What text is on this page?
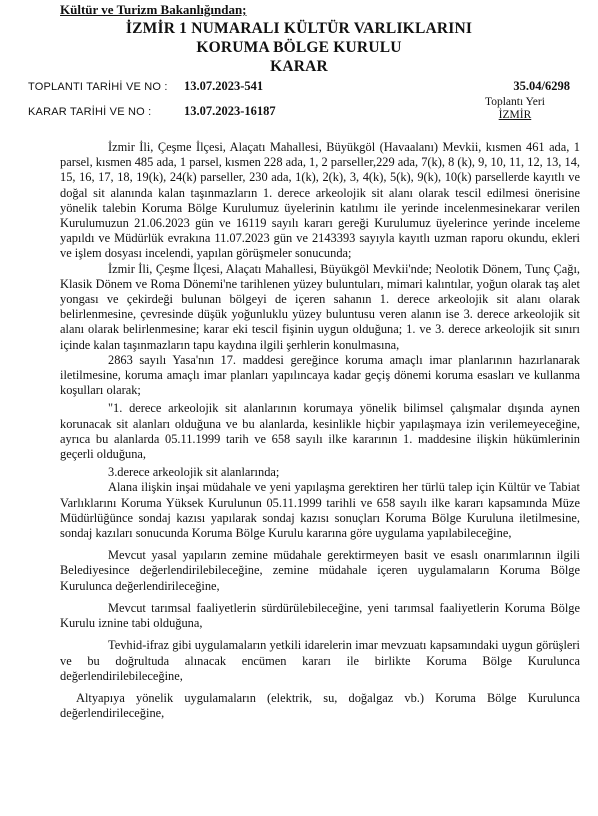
Kültür ve Turizm Bakanlığından;
İZMİR 1 NUMARALI KÜLTÜR VARLIKLARINI
KORUMA BÖLGE KURULU
KARAR
TOPLANTI TARİHİ VE NO : 13.07.2023-541	35.04/6298
KARAR TARİHİ VE NO :	13.07.2023-16187
Toplantı Yeri
İZMİR

İzmir İli, Çeşme İlçesi, Alaçatı Mahallesi, Büyükgöl (Havaalanı) Mevkii, kısmen 461 ada, 1 parsel, kısmen 485 ada, 1 parsel, kısmen 228 ada, 1, 2 parseller,229 ada, 7(k), 8 (k), 9, 10, 11, 12, 13, 14, 15, 16, 17, 18, 19(k), 24(k) parseller, 230 ada, 1(k), 2(k), 3, 4(k), 5(k), 9(k), 10(k) parsellerde kayıtlı ve doğal sit alanında kalan taşınmazların 1. derece arkeolojik sit alanı olarak tescil edilmesi önerisine yönelik talebin Koruma Bölge Kurulumuz üyelerinin katılımı ile yerinde incelenmesinekarar verilen Kurulumuzun 21.06.2023 gün ve 16119 sayılı kararı gereği Kurulumuz üyelerince yerinde inceleme yapıldı ve Müdürlük evrakına 11.07.2023 gün ve 2143393 sayıyla kayıtlı uzman raporu okundu, ekleri ve işlem dosyası incelendi, yapılan görüşmeler sonucunda;

İzmir İli, Çeşme İlçesi, Alaçatı Mahallesi, Büyükgöl Mevkii'nde; Neolotik Dönem, Tunç Çağı, Klasik Dönem ve Roma Dönemi'ne tarihlenen yüzey buluntuları, mimari kalıntılar, yoğun olarak taş alet yongası ve çekirdeği bulunan bölgeyi de içeren sahanın 1. derece arkeolojik sit alanı olarak belirlenmesine, çevresinde düşük yoğunluklu yüzey buluntusu veren alanın ise 3. derece arkeolojik sit alanı olarak belirlenmesine; karar eki tescil fişinin uygun olduğuna; 1. ve 3. derece arkeolojik sit sınırı içinde kalan taşınmazların tapu kaydına ilgili şerhlerin konulmasına,

2863 sayılı Yasa'nın 17. maddesi gereğince koruma amaçlı imar planlarının hazırlanarak iletilmesine, koruma amaçlı imar planları yapılıncaya kadar geçiş dönemi koruma esasları ve kullanma koşulları olarak;

"1. derece arkeolojik sit alanlarının korumaya yönelik bilimsel çalışmalar dışında aynen korunacak sit alanları olduğuna ve bu alanlarda, kesinlikle hiçbir yapılaşmaya izin verilemeyeceğine, ayrıca bu alanlarda 05.11.1999 tarih ve 658 sayılı ilke kararının 1. maddesine ilişkin hükümlerinin geçerli olduğuna,

3.derece arkeolojik sit alanlarında;

Alana ilişkin inşai müdahale ve yeni yapılaşma gerektiren her türlü talep için Kültür ve Tabiat Varlıklarını Koruma Yüksek Kurulunun 05.11.1999 tarihli ve 658 sayılı ilke kararı kapsamında Müze Müdürlüğünce sondaj kazısı yapılarak sondaj kazısı sonuçları Koruma Bölge Kuruluna iletilmesine, sondaj kazıları sonucunda Koruma Bölge Kurulu kararına göre uygulama yapılabileceğine,

Mevcut yasal yapıların zemine müdahale gerektirmeyen basit ve esaslı onarımlarının ilgili Belediyesince değerlendirilebileceğine, zemine müdahale içeren uygulamaların Koruma Bölge Kurulunca değerlendirileceğine,

Mevcut tarımsal faaliyetlerin sürdürülebileceğine, yeni tarımsal faaliyetlerin Koruma Bölge Kurulu iznine tabi olduğuna,

Tevhid-ifraz gibi uygulamaların yetkili idarelerin imar mevzuatı kapsamındaki uygun görüşleri ve bu doğrultuda alınacak encümen kararı ile birlikte Koruma Bölge Kurulunca değerlendirilebileceğine,

Altyapıya yönelik uygulamaların (elektrik, su, doğalgaz vb.) Koruma Bölge Kurulunca değerlendirileceğine,
